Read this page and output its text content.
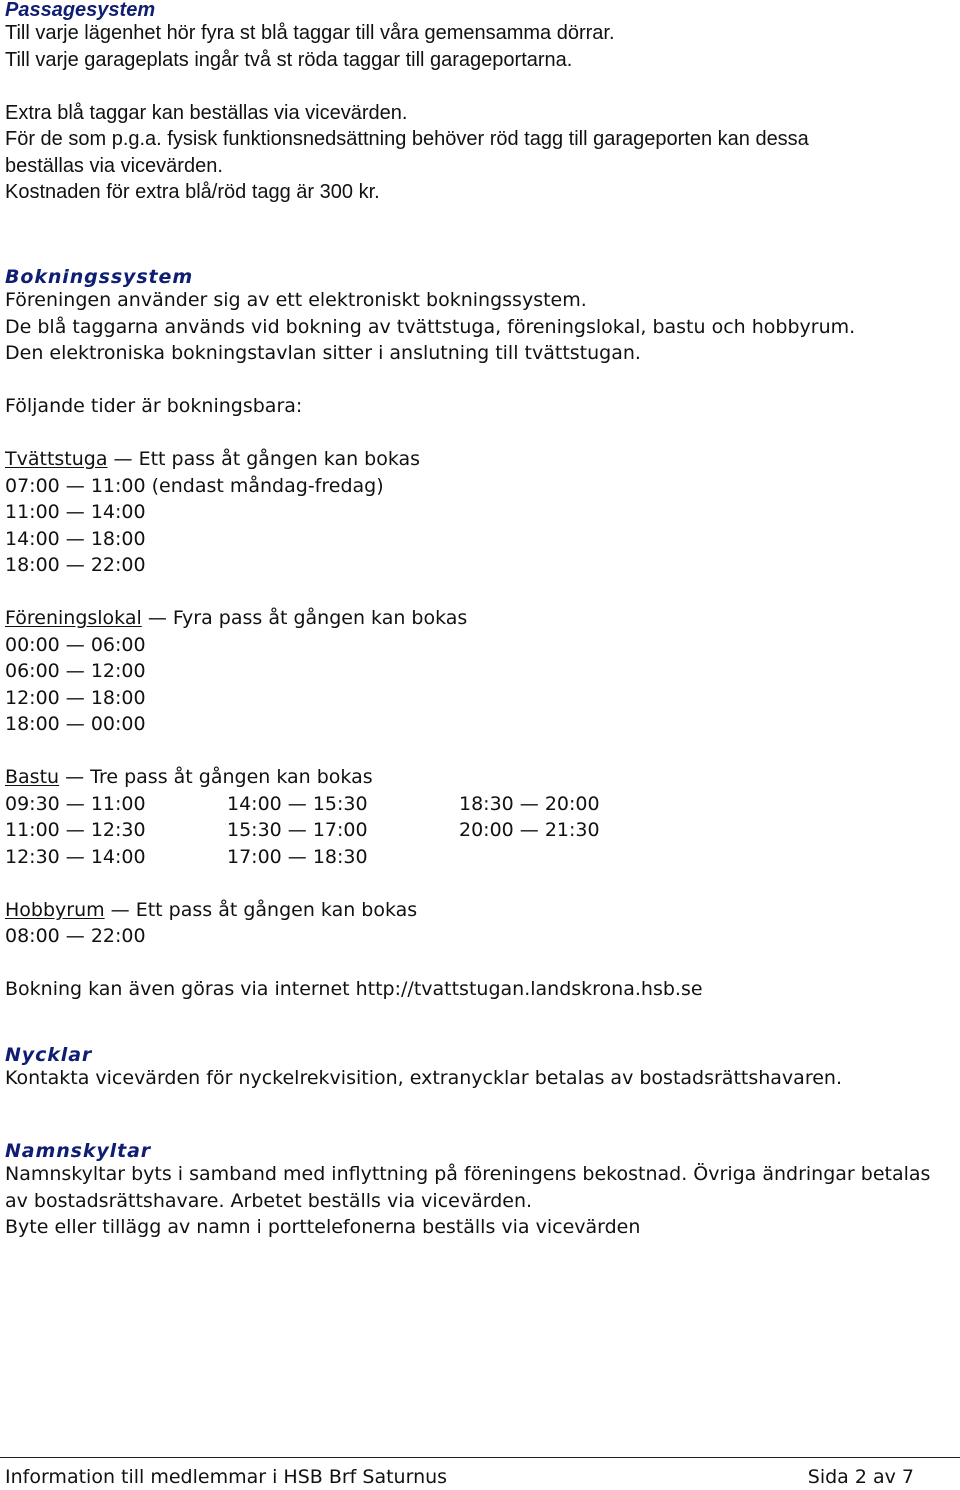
Passagesystem
Till varje lägenhet hör fyra st blå taggar till våra gemensamma dörrar.
Till varje garageplats ingår två st röda taggar till garageportarna.
Extra blå taggar kan beställas via vicevärden.
För de som p.g.a. fysisk funktionsnedsättning behöver röd tagg till garageporten kan dessa
beställas via vicevärden.
Kostnaden för extra blå/röd tagg är 300 kr.
Bokningssystem
Föreningen använder sig av ett elektroniskt bokningssystem.
De blå taggarna används vid bokning av tvättstuga, föreningslokal, bastu och hobbyrum.
Den elektroniska bokningstavlan sitter i anslutning till tvättstugan.
Följande tider är bokningsbara:
Tvättstuga — Ett pass åt gången kan bokas
07:00 — 11:00 (endast måndag-fredag)
11:00 — 14:00
14:00 — 18:00
18:00 — 22:00
Föreningslokal — Fyra pass åt gången kan bokas
00:00 — 06:00
06:00 — 12:00
12:00 — 18:00
18:00 — 00:00
Bastu — Tre pass åt gången kan bokas
09:30 — 11:00	14:00 — 15:30	18:30 — 20:00
11:00 — 12:30	15:30 — 17:00	20:00 — 21:30
12:30 — 14:00	17:00 — 18:30
Hobbyrum — Ett pass åt gången kan bokas
08:00 — 22:00
Bokning kan även göras via internet http://tvattstugan.landskrona.hsb.se
Nycklar
Kontakta vicevärden för nyckelrekvisition, extranycklar betalas av bostadsrättshavaren.
Namnskyltar
Namnskyltar byts i samband med inflyttning på föreningens bekostnad. Övriga ändringar betalas
av bostadsrättshavare. Arbetet beställs via vicevärden.
Byte eller tillägg av namn i porttelefonerna beställs via vicevärden
Information till medlemmar i HSB Brf Saturnus	Sida 2 av 7
